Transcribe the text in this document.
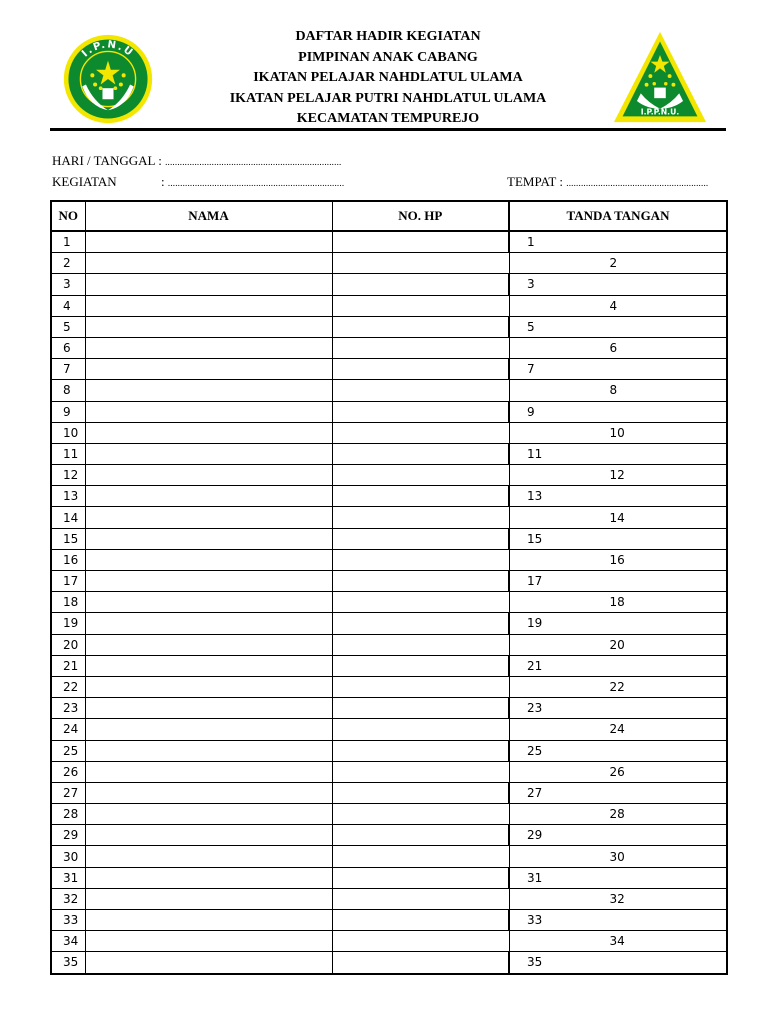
I.P.N.U
DAFTAR HADIR KEGIATAN
PIMPINAN ANAK CABANG
IKATAN PELAJAR NAHDLATUL ULAMA
IKATAN PELAJAR PUTRI NAHDLATUL ULAMA
KECAMATAN TEMPUREJO	I.P.P.N.U.
HARI / TANGGAL : ........................................................................
KEGIATAN	: ........................................................................	TEMPAT : ..........................................................
NO	NAMA	NO. HP	TANDA TANGAN
1			1
2			2
3			3
4			4
5			5
6			6
7			7
8			8
9			9
10			10
11			11
12			12
13			13
14			14
15			15
16			16
17			17
18			18
19			19
20			20
21			21
22			22
23			23
24			24
25			25
26			26
27			27
28			28
29			29
30			30
31			31
32			32
33			33
34			34
35			35
